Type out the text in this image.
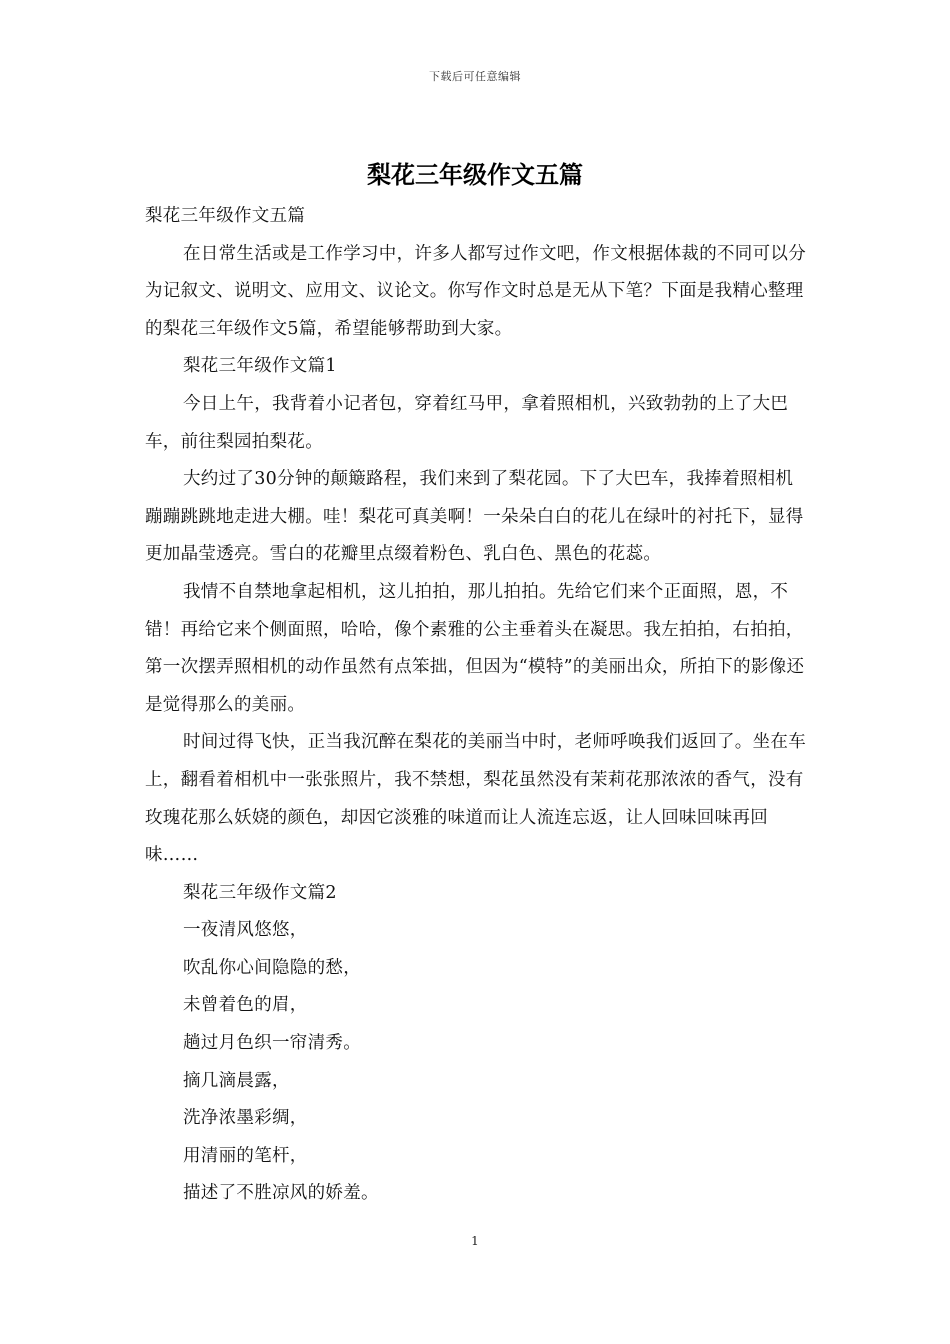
下载后可任意编辑
梨花三年级作文五篇

梨花三年级作文五篇

在日常生活或是工作学习中，许多人都写过作文吧，作文根据体裁的不同可以分为记叙文、说明文、应用文、议论文。你写作文时总是无从下笔？下面是我精心整理的梨花三年级作文5篇，希望能够帮助到大家。

梨花三年级作文篇1

今日上午，我背着小记者包，穿着红马甲，拿着照相机，兴致勃勃的上了大巴车，前往梨园拍梨花。

大约过了30分钟的颠簸路程，我们来到了梨花园。下了大巴车，我捧着照相机蹦蹦跳跳地走进大棚。哇！梨花可真美啊！一朵朵白白的花儿在绿叶的衬托下，显得更加晶莹透亮。雪白的花瓣里点缀着粉色、乳白色、黑色的花蕊。

我情不自禁地拿起相机，这儿拍拍，那儿拍拍。先给它们来个正面照，恩，不错！再给它来个侧面照，哈哈，像个素雅的公主垂着头在凝思。我左拍拍，右拍拍，第一次摆弄照相机的动作虽然有点笨拙，但因为“模特”的美丽出众，所拍下的影像还是觉得那么的美丽。

时间过得飞快，正当我沉醉在梨花的美丽当中时，老师呼唤我们返回了。坐在车上，翻看着相机中一张张照片，我不禁想，梨花虽然没有茉莉花那浓浓的香气，没有玫瑰花那么妖娆的颜色，却因它淡雅的味道而让人流连忘返，让人回味回味再回味……

梨花三年级作文篇2

一夜清风悠悠，

吹乱你心间隐隐的愁，

未曾着色的眉，

趟过月色织一帘清秀。

摘几滴晨露，

洗净浓墨彩绸，

用清丽的笔杆，

描述了不胜凉风的娇羞。

1
